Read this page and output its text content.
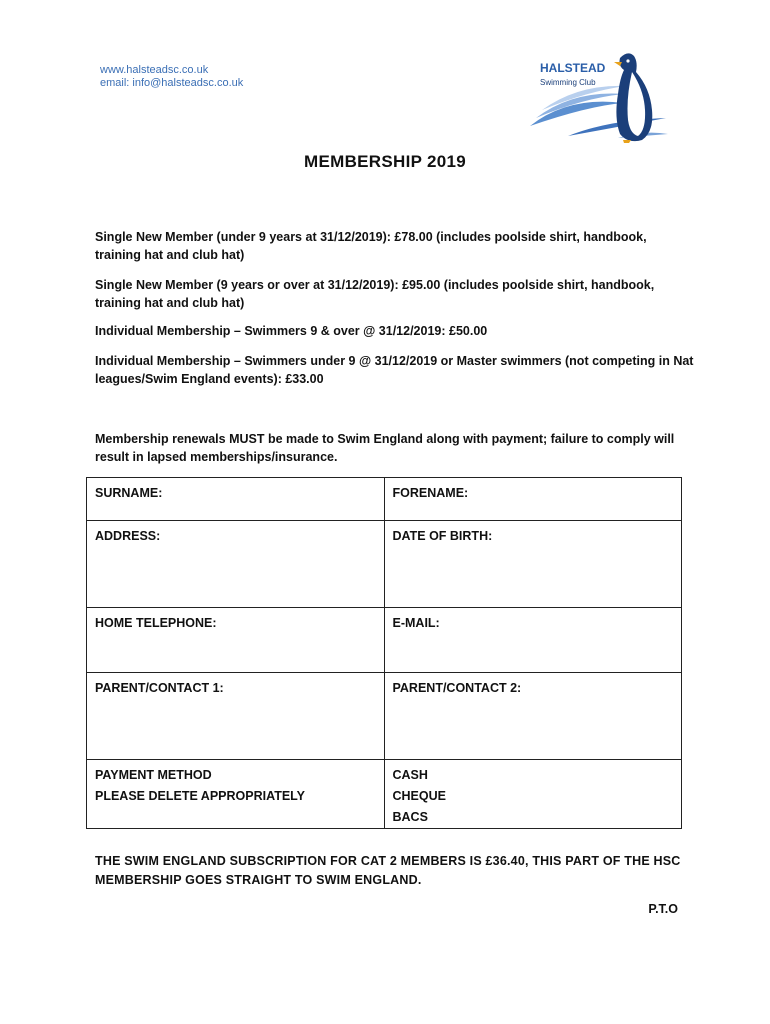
www.halsteadsc.co.uk
email: info@halsteadsc.co.uk
HALSTEAD
Swimming Club
MEMBERSHIP 2019

Single New Member (under 9 years at 31/12/2019): £78.00 (includes poolside shirt, handbook, training hat and club hat)

Single New Member (9 years or over at 31/12/2019): £95.00 (includes poolside shirt, handbook, training hat and club hat)

Individual Membership – Swimmers 9 & over @ 31/12/2019: £50.00

Individual Membership – Swimmers under 9 @ 31/12/2019 or Master swimmers (not competing in Nat leagues/Swim England events): £33.00

Membership renewals MUST be made to Swim England along with payment; failure to comply will result in lapsed memberships/insurance.

SURNAME:	FORENAME:

ADDRESS:	DATE OF BIRTH:

HOME TELEPHONE:	E-MAIL:

PARENT/CONTACT 1:	PARENT/CONTACT 2:

PAYMENT METHOD
PLEASE DELETE APPROPRIATELY	CASH
CHEQUE
BACS

THE SWIM ENGLAND SUBSCRIPTION FOR CAT 2 MEMBERS IS £36.40, THIS PART OF THE HSC MEMBERSHIP GOES STRAIGHT TO SWIM ENGLAND.

P.T.O
